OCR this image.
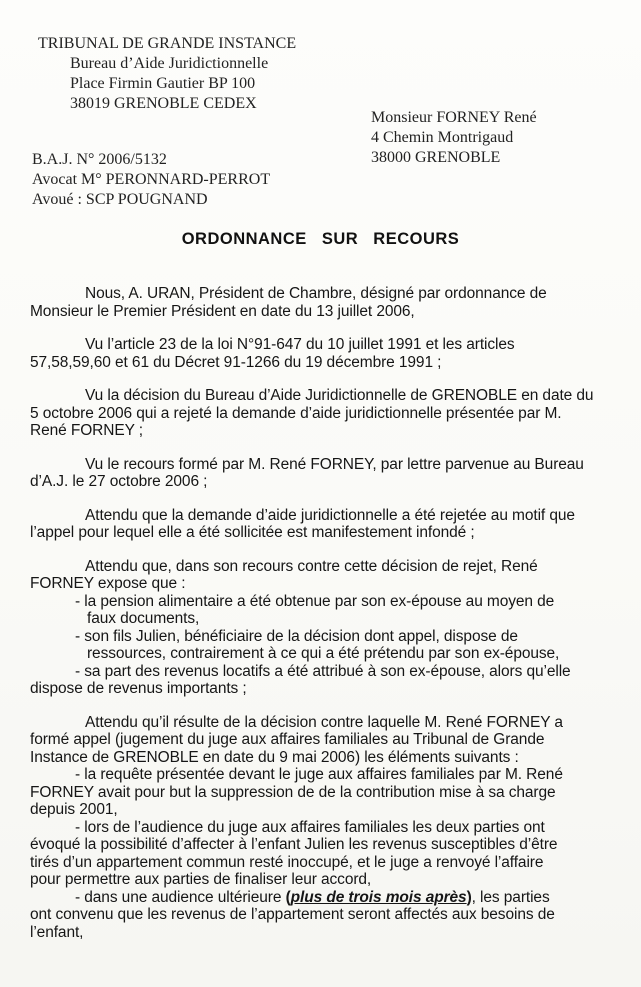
TRIBUNAL DE GRANDE INSTANCE
Bureau d’Aide Juridictionnelle
Place Firmin Gautier BP 100
38019 GRENOBLE CEDEX
Monsieur FORNEY René
4 Chemin Montrigaud
38000 GRENOBLE
B.A.J. N° 2006/5132
Avocat M° PERONNARD-PERROT
Avoué : SCP POUGNAND
ORDONNANCE SUR RECOURS
Nous, A. URAN, Président de Chambre, désigné par ordonnance de
Monsieur le Premier Président en date du 13 juillet 2006,
Vu l’article 23 de la loi N°91-647 du 10 juillet 1991 et les articles
57,58,59,60 et 61 du Décret 91-1266 du 19 décembre 1991 ;
Vu la décision du Bureau d’Aide Juridictionnelle de GRENOBLE en date du
5 octobre 2006 qui a rejeté la demande d’aide juridictionnelle présentée par M.
René FORNEY ;
Vu le recours formé par M. René FORNEY, par lettre parvenue au Bureau
d’A.J. le 27 octobre 2006 ;
Attendu que la demande d’aide juridictionnelle a été rejetée au motif que
l’appel pour lequel elle a été sollicitée est manifestement infondé ;
Attendu que, dans son recours contre cette décision de rejet, René
FORNEY expose que :
- la pension alimentaire a été obtenue par son ex-épouse au moyen de
faux documents,
- son fils Julien, bénéficiaire de la décision dont appel, dispose de
ressources, contrairement à ce qui a été prétendu par son ex-épouse,
- sa part des revenus locatifs a été attribué à son ex-épouse, alors qu’elle
dispose de revenus importants ;
Attendu qu’il résulte de la décision contre laquelle M. René FORNEY a
formé appel (jugement du juge aux affaires familiales au Tribunal de Grande
Instance de GRENOBLE en date du 9 mai 2006) les éléments suivants :
- la requête présentée devant le juge aux affaires familiales par M. René
FORNEY avait pour but la suppression de de la contribution mise à sa charge
depuis 2001,
- lors de l’audience du juge aux affaires familiales les deux parties ont
évoqué la possibilité d’affecter à l’enfant Julien les revenus susceptibles d’être
tirés d’un appartement commun resté inoccupé, et le juge a renvoyé l’affaire
pour permettre aux parties de finaliser leur accord,
- dans une audience ultérieure (plus de trois mois après), les parties
ont convenu que les revenus de l’appartement seront affectés aux besoins de
l’enfant,
